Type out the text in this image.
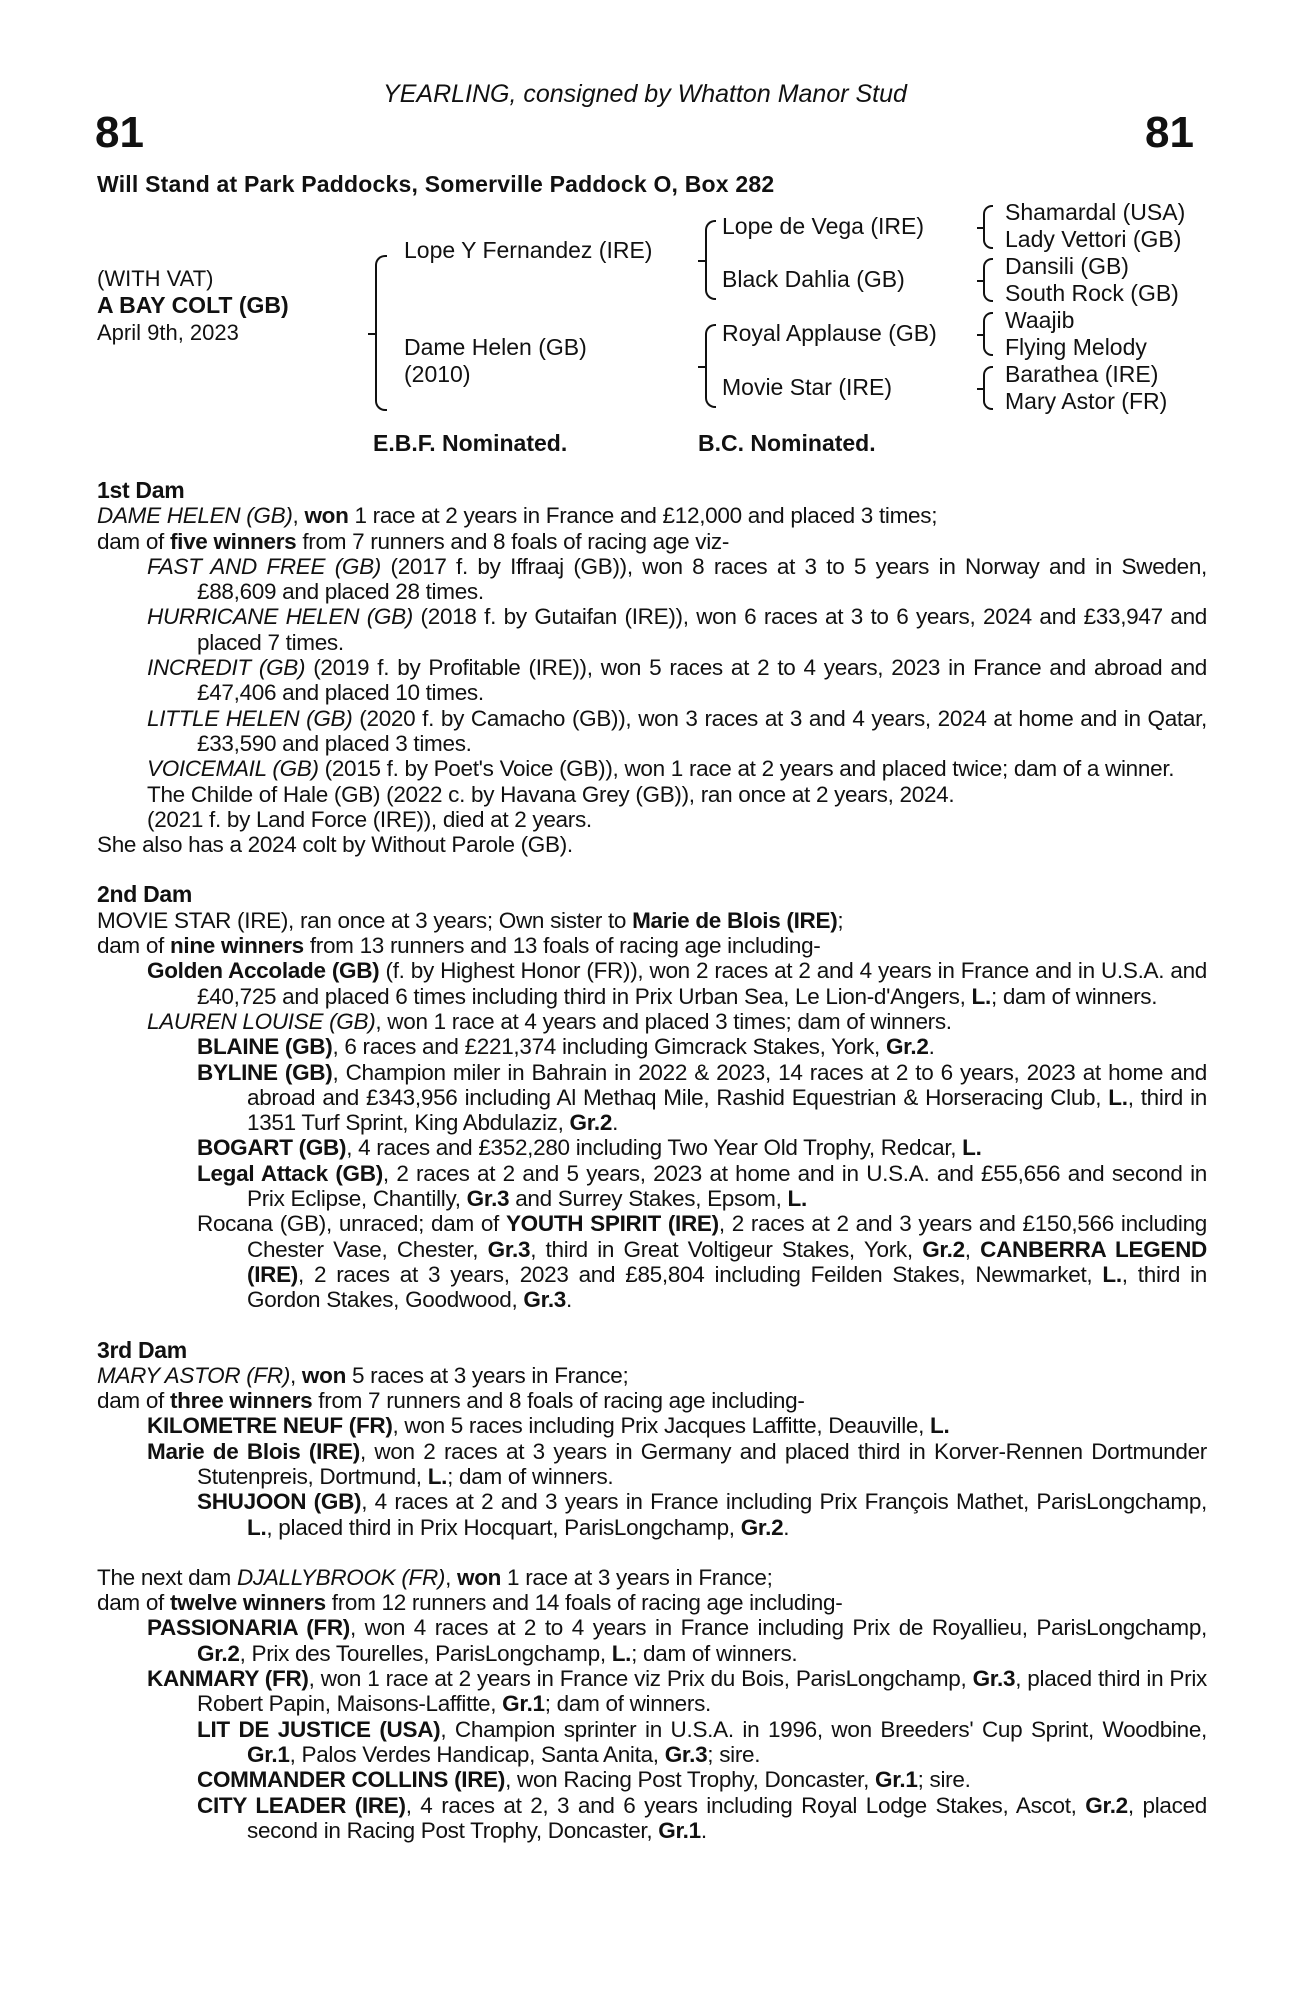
YEARLING, consigned by Whatton Manor Stud
81	81
Will Stand at Park Paddocks, Somerville Paddock O, Box 282
(WITH VAT)
A BAY COLT (GB)
April 9th, 2023
Lope Y Fernandez (IRE)
Dame Helen (GB)
(2010)
Lope de Vega (IRE)
Black Dahlia (GB)
Royal Applause (GB)
Movie Star (IRE)
Shamardal (USA)
Lady Vettori (GB)
Dansili (GB)
South Rock (GB)
Waajib
Flying Melody
Barathea (IRE)
Mary Astor (FR)
E.B.F. Nominated.	B.C. Nominated.
1st Dam
DAME HELEN (GB), won 1 race at 2 years in France and £12,000 and placed 3 times;
dam of five winners from 7 runners and 8 foals of racing age viz-
FAST AND FREE (GB) (2017 f. by Iffraaj (GB)), won 8 races at 3 to 5 years in Norway and in Sweden, £88,609 and placed 28 times.
HURRICANE HELEN (GB) (2018 f. by Gutaifan (IRE)), won 6 races at 3 to 6 years, 2024 and £33,947 and placed 7 times.
INCREDIT (GB) (2019 f. by Profitable (IRE)), won 5 races at 2 to 4 years, 2023 in France and abroad and £47,406 and placed 10 times.
LITTLE HELEN (GB) (2020 f. by Camacho (GB)), won 3 races at 3 and 4 years, 2024 at home and in Qatar, £33,590 and placed 3 times.
VOICEMAIL (GB) (2015 f. by Poet's Voice (GB)), won 1 race at 2 years and placed twice; dam of a winner.
The Childe of Hale (GB) (2022 c. by Havana Grey (GB)), ran once at 2 years, 2024.
(2021 f. by Land Force (IRE)), died at 2 years.
She also has a 2024 colt by Without Parole (GB).
2nd Dam
MOVIE STAR (IRE), ran once at 3 years; Own sister to Marie de Blois (IRE);
dam of nine winners from 13 runners and 13 foals of racing age including-
Golden Accolade (GB) (f. by Highest Honor (FR)), won 2 races at 2 and 4 years in France and in U.S.A. and £40,725 and placed 6 times including third in Prix Urban Sea, Le Lion-d'Angers, L.; dam of winners.
LAUREN LOUISE (GB), won 1 race at 4 years and placed 3 times; dam of winners.
BLAINE (GB), 6 races and £221,374 including Gimcrack Stakes, York, Gr.2.
BYLINE (GB), Champion miler in Bahrain in 2022 & 2023, 14 races at 2 to 6 years, 2023 at home and abroad and £343,956 including Al Methaq Mile, Rashid Equestrian & Horseracing Club, L., third in 1351 Turf Sprint, King Abdulaziz, Gr.2.
BOGART (GB), 4 races and £352,280 including Two Year Old Trophy, Redcar, L.
Legal Attack (GB), 2 races at 2 and 5 years, 2023 at home and in U.S.A. and £55,656 and second in Prix Eclipse, Chantilly, Gr.3 and Surrey Stakes, Epsom, L.
Rocana (GB), unraced; dam of YOUTH SPIRIT (IRE), 2 races at 2 and 3 years and £150,566 including Chester Vase, Chester, Gr.3, third in Great Voltigeur Stakes, York, Gr.2, CANBERRA LEGEND (IRE), 2 races at 3 years, 2023 and £85,804 including Feilden Stakes, Newmarket, L., third in Gordon Stakes, Goodwood, Gr.3.
3rd Dam
MARY ASTOR (FR), won 5 races at 3 years in France;
dam of three winners from 7 runners and 8 foals of racing age including-
KILOMETRE NEUF (FR), won 5 races including Prix Jacques Laffitte, Deauville, L.
Marie de Blois (IRE), won 2 races at 3 years in Germany and placed third in Korver-Rennen Dortmunder Stutenpreis, Dortmund, L.; dam of winners.
SHUJOON (GB), 4 races at 2 and 3 years in France including Prix François Mathet, ParisLongchamp, L., placed third in Prix Hocquart, ParisLongchamp, Gr.2.
The next dam DJALLYBROOK (FR), won 1 race at 3 years in France;
dam of twelve winners from 12 runners and 14 foals of racing age including-
PASSIONARIA (FR), won 4 races at 2 to 4 years in France including Prix de Royallieu, ParisLongchamp, Gr.2, Prix des Tourelles, ParisLongchamp, L.; dam of winners.
KANMARY (FR), won 1 race at 2 years in France viz Prix du Bois, ParisLongchamp, Gr.3, placed third in Prix Robert Papin, Maisons-Laffitte, Gr.1; dam of winners.
LIT DE JUSTICE (USA), Champion sprinter in U.S.A. in 1996, won Breeders' Cup Sprint, Woodbine, Gr.1, Palos Verdes Handicap, Santa Anita, Gr.3; sire.
COMMANDER COLLINS (IRE), won Racing Post Trophy, Doncaster, Gr.1; sire.
CITY LEADER (IRE), 4 races at 2, 3 and 6 years including Royal Lodge Stakes, Ascot, Gr.2, placed second in Racing Post Trophy, Doncaster, Gr.1.
